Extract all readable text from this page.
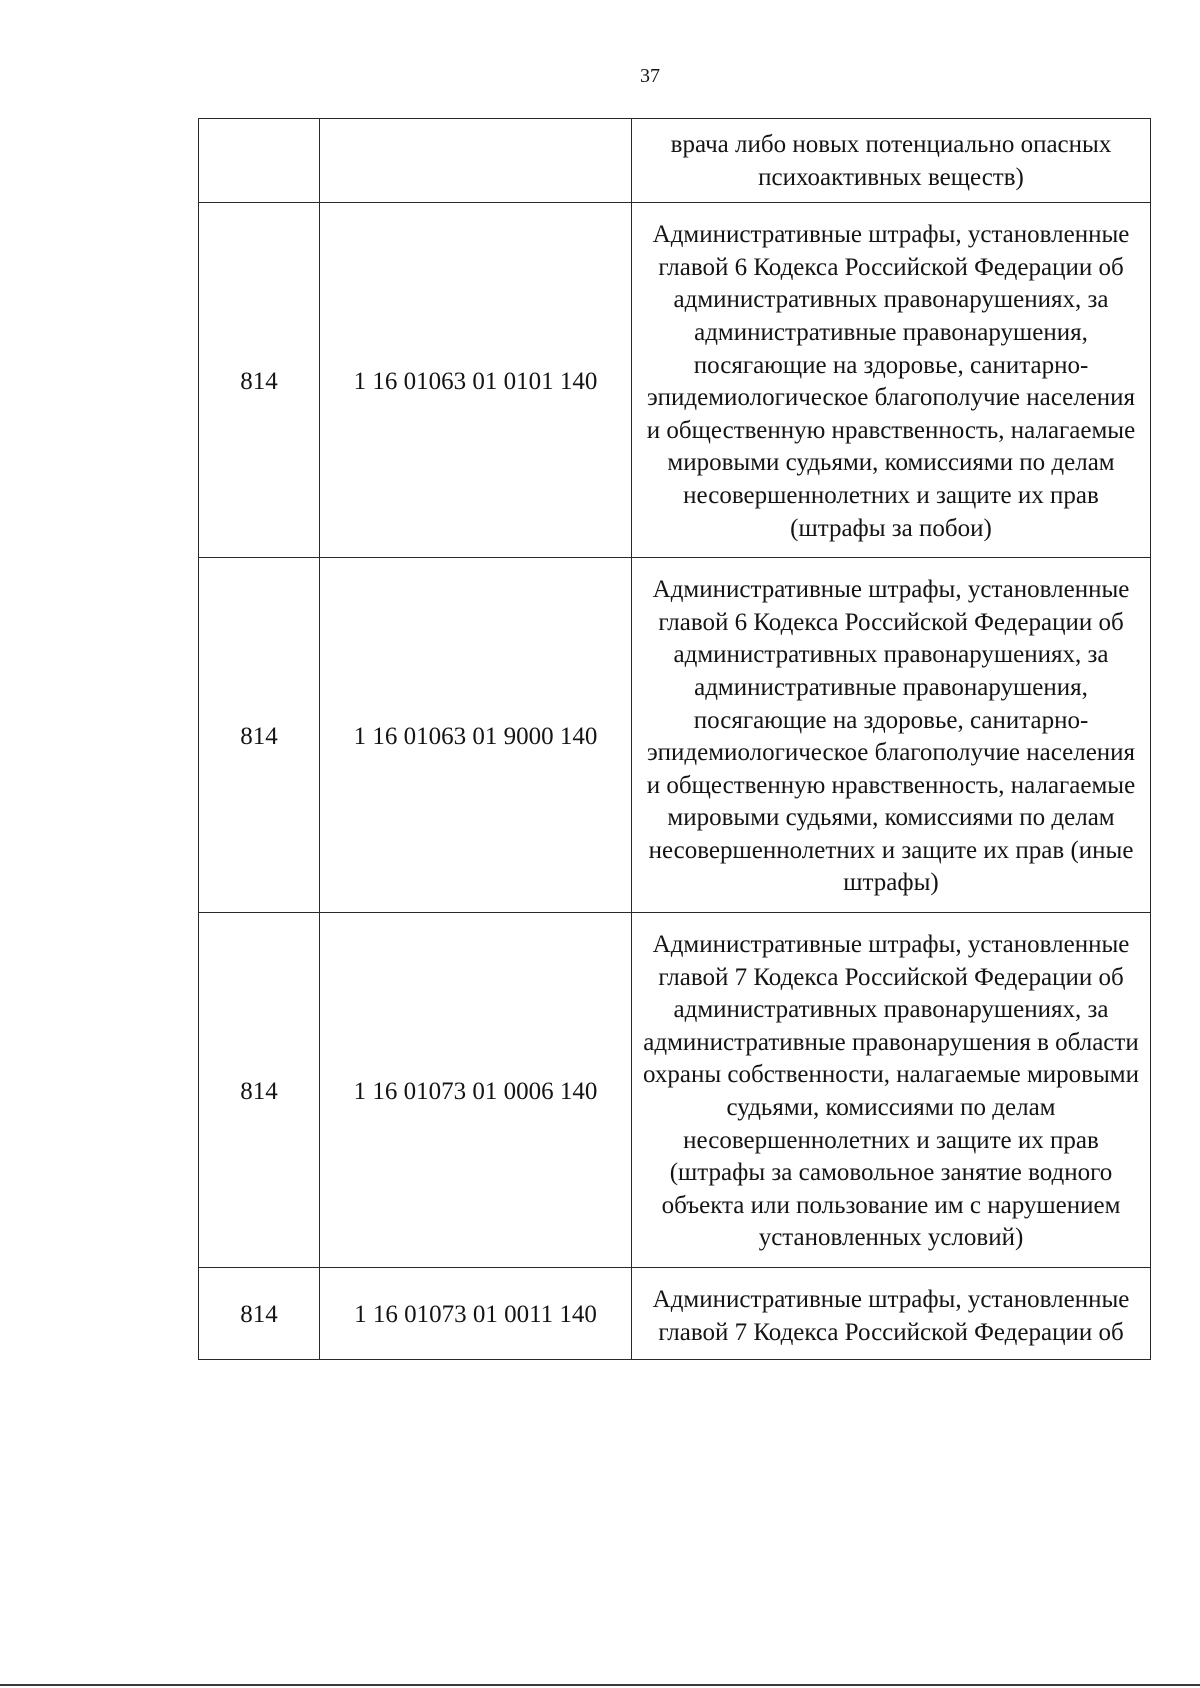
37
		врача либо новых потенциально опасных психоактивных веществ)
814	1 16 01063 01 0101 140	Административные штрафы, установленные главой 6 Кодекса Российской Федерации об административных правонарушениях, за административные правонарушения, посягающие на здоровье, санитарно-эпидемиологическое благополучие населения и общественную нравственность, налагаемые мировыми судьями, комиссиями по делам несовершеннолетних и защите их прав (штрафы за побои)
814	1 16 01063 01 9000 140	Административные штрафы, установленные главой 6 Кодекса Российской Федерации об административных правонарушениях, за административные правонарушения, посягающие на здоровье, санитарно-эпидемиологическое благополучие населения и общественную нравственность, налагаемые мировыми судьями, комиссиями по делам несовершеннолетних и защите их прав (иные штрафы)
814	1 16 01073 01 0006 140	Административные штрафы, установленные главой 7 Кодекса Российской Федерации об административных правонарушениях, за административные правонарушения в области охраны собственности, налагаемые мировыми судьями, комиссиями по делам несовершеннолетних и защите их прав (штрафы за самовольное занятие водного объекта или пользование им с нарушением установленных условий)
814	1 16 01073 01 0011 140	Административные штрафы, установленные главой 7 Кодекса Российской Федерации об
